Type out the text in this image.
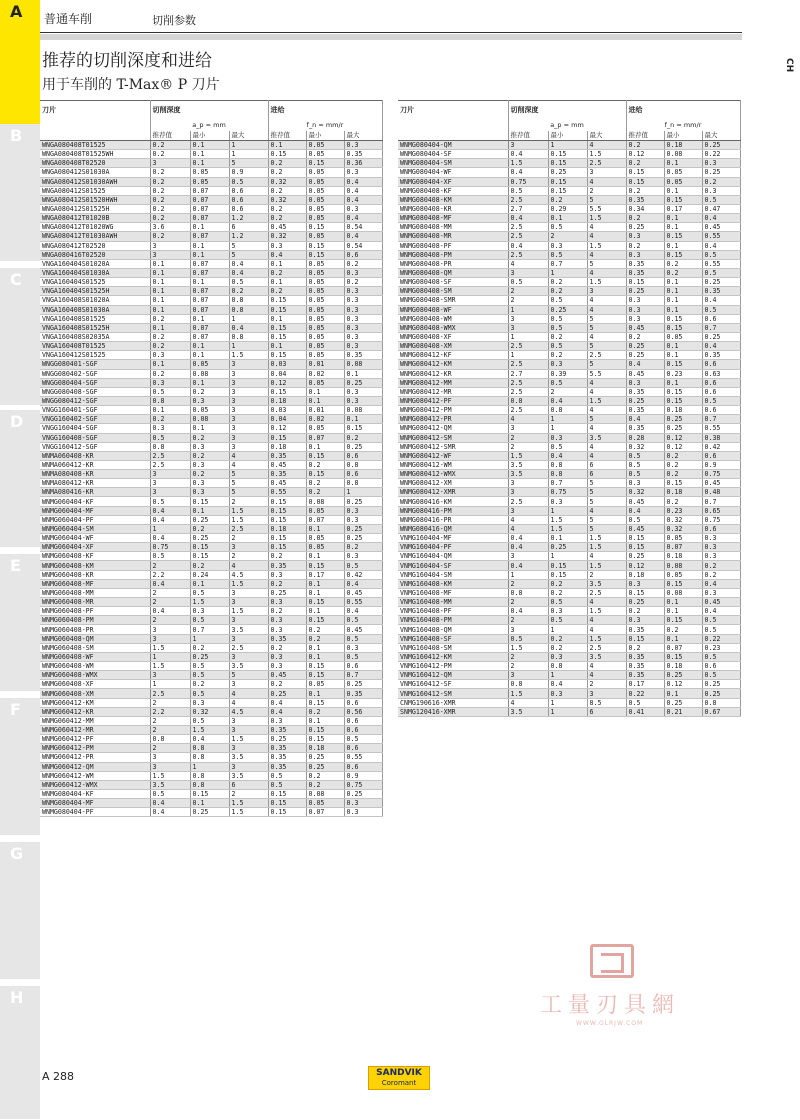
A
B
C
D
E
F
G
H
普通车削	切削参数
CH
推荐的切削深度和进给
用于车削的 T-Max® P 刀片
刀片	切削深度			进给		
	a_p = mm			f_n = mm/r		
	推荐值	最小	最大	推荐值	最小	最大
WNGA080408T01525	0.2	0.1	1	0.1	0.05	0.3
WNGA080408T01525WH	0.2	0.1	1	0.15	0.05	0.35
WNGA080408T02520	3	0.1	5	0.2	0.15	0.36
WNGA080412S01030A	0.2	0.05	0.9	0.2	0.05	0.3
WNGA080412S01030AWH	0.2	0.05	0.5	0.32	0.05	0.4
WNGA080412S01525	0.2	0.07	0.6	0.2	0.05	0.4
WNGA080412S01520HWH	0.2	0.07	0.6	0.32	0.05	0.4
WNGA080412S01525H	0.2	0.07	0.6	0.2	0.05	0.3
WNGA080412T01020B	0.2	0.07	1.2	0.2	0.05	0.4
WNGA080412T01020WG	3.6	0.1	6	0.45	0.15	0.54
WNGA080412T01030AWH	0.2	0.07	1.2	0.32	0.05	0.4
WNGA080412T02520	3	0.1	5	0.3	0.15	0.54
WNGA080416T02520	3	0.1	5	0.4	0.15	0.6
VNGA160404S01020A	0.1	0.07	0.4	0.1	0.05	0.2
VNGA160404S01030A	0.1	0.07	0.4	0.2	0.05	0.3
VNGA160404S01525	0.1	0.1	0.5	0.1	0.05	0.2
VNGA160404S01525H	0.1	0.07	0.2	0.2	0.05	0.3
VNGA160408S01020A	0.1	0.07	0.8	0.15	0.05	0.3
VNGA160408S01030A	0.1	0.07	0.8	0.15	0.05	0.3
VNGA160408S01525	0.2	0.1	1	0.1	0.05	0.3
VNGA160408S01525H	0.1	0.07	0.4	0.15	0.05	0.3
VNGA160408S02035A	0.2	0.07	0.8	0.15	0.05	0.3
VNGA160408T01525	0.2	0.1	1	0.1	0.05	0.3
VNGA160412S01525	0.3	0.1	1.5	0.15	0.05	0.35
WNGG080401-SGF	0.1	0.05	3	0.03	0.01	0.08
WNGG080402-SGF	0.2	0.08	3	0.04	0.02	0.1
WNGG080404-SGF	0.3	0.1	3	0.12	0.05	0.25
WNGG080408-SGF	0.5	0.2	3	0.15	0.1	0.3
WNGG080412-SGF	0.8	0.3	3	0.18	0.1	0.3
VNGG160401-SGF	0.1	0.05	3	0.03	0.01	0.08
VNGG160402-SGF	0.2	0.08	3	0.04	0.02	0.1
VNGG160404-SGF	0.3	0.1	3	0.12	0.05	0.15
VNGG160408-SGF	0.5	0.2	3	0.15	0.07	0.2
VNGG160412-SGF	0.8	0.3	3	0.18	0.1	0.25
WNMA060408-KR	2.5	0.2	4	0.35	0.15	0.6
WNMA060412-KR	2.5	0.3	4	0.45	0.2	0.8
WNMA080408-KR	3	0.2	5	0.35	0.15	0.6
WNMA080412-KR	3	0.3	5	0.45	0.2	0.8
WNMA080416-KR	3	0.3	5	0.55	0.2	1
WNMG060404-KF	0.5	0.15	2	0.15	0.08	0.25
WNMG060404-MF	0.4	0.1	1.5	0.15	0.05	0.3
WNMG060404-PF	0.4	0.25	1.5	0.15	0.07	0.3
WNMG060404-SM	1	0.2	2.5	0.18	0.1	0.25
WNMG060404-WF	0.4	0.25	2	0.15	0.05	0.25
WNMG060404-XF	0.75	0.15	3	0.15	0.05	0.2
WNMG060408-KF	0.5	0.15	2	0.2	0.1	0.3
WNMG060408-KM	2	0.2	4	0.35	0.15	0.5
WNMG060408-KR	2.2	0.24	4.5	0.3	0.17	0.42
WNMG060408-MF	0.4	0.1	1.5	0.2	0.1	0.4
WNMG060408-MM	2	0.5	3	0.25	0.1	0.45
WNMG060408-MR	2	1.5	3	0.3	0.15	0.55
WNMG060408-PF	0.4	0.3	1.5	0.2	0.1	0.4
WNMG060408-PM	2	0.5	3	0.3	0.15	0.5
WNMG060408-PR	3	0.7	3.5	0.3	0.2	0.45
WNMG060408-QM	3	1	3	0.35	0.2	0.5
WNMG060408-SM	1.5	0.2	2.5	0.2	0.1	0.3
WNMG060408-WF	1	0.25	3	0.3	0.1	0.5
WNMG060408-WM	1.5	0.5	3.5	0.3	0.15	0.6
WNMG060408-WMX	3	0.5	5	0.45	0.15	0.7
WNMG060408-XF	1	0.2	3	0.2	0.05	0.25
WNMG060408-XM	2.5	0.5	4	0.25	0.1	0.35
WNMG060412-KM	2	0.3	4	0.4	0.15	0.6
WNMG060412-KR	2.2	0.32	4.5	0.4	0.2	0.56
WNMG060412-MM	2	0.5	3	0.3	0.1	0.6
WNMG060412-MR	2	1.5	3	0.35	0.15	0.6
WNMG060412-PF	0.8	0.4	1.5	0.25	0.15	0.5
WNMG060412-PM	2	0.8	3	0.35	0.18	0.6
WNMG060412-PR	3	0.8	3.5	0.35	0.25	0.55
WNMG060412-QM	3	1	3	0.35	0.25	0.6
WNMG060412-WM	1.5	0.8	3.5	0.5	0.2	0.9
WNMG060412-WMX	3.5	0.8	6	0.5	0.2	0.75
WNMG080404-KF	0.5	0.15	2	0.15	0.08	0.25
WNMG080404-MF	0.4	0.1	1.5	0.15	0.05	0.3
WNMG080404-PF	0.4	0.25	1.5	0.15	0.07	0.3
刀片	切削深度			进给		
	a_p = mm			f_n = mm/r		
	推荐值	最小	最大	推荐值	最小	最大
WNMG080404-QM	3	1	4	0.2	0.18	0.25
WNMG080404-SF	0.4	0.15	1.5	0.12	0.08	0.22
WNMG080404-SM	1.5	0.15	2.5	0.2	0.1	0.3
WNMG080404-WF	0.4	0.25	3	0.15	0.05	0.25
WNMG080404-XF	0.75	0.15	4	0.15	0.05	0.2
WNMG080408-KF	0.5	0.15	2	0.2	0.1	0.3
WNMG080408-KM	2.5	0.2	5	0.35	0.15	0.5
WNMG080408-KR	2.7	0.29	5.5	0.34	0.17	0.47
WNMG080408-MF	0.4	0.1	1.5	0.2	0.1	0.4
WNMG080408-MM	2.5	0.5	4	0.25	0.1	0.45
WNMG080408-MR	2.5	2	4	0.3	0.15	0.55
WNMG080408-PF	0.4	0.3	1.5	0.2	0.1	0.4
WNMG080408-PM	2.5	0.5	4	0.3	0.15	0.5
WNMG080408-PR	4	0.7	5	0.35	0.2	0.55
WNMG080408-QM	3	1	4	0.35	0.2	0.5
WNMG080408-SF	0.5	0.2	1.5	0.15	0.1	0.25
WNMG080408-SM	2	0.2	3	0.25	0.1	0.35
WNMG080408-SMR	2	0.5	4	0.3	0.1	0.4
WNMG080408-WF	1	0.25	4	0.3	0.1	0.5
WNMG080408-WM	3	0.5	5	0.3	0.15	0.6
WNMG080408-WMX	3	0.5	5	0.45	0.15	0.7
WNMG080408-XF	1	0.2	4	0.2	0.05	0.25
WNMG080408-XM	2.5	0.5	5	0.25	0.1	0.4
WNMG080412-KF	1	0.2	2.5	0.25	0.1	0.35
WNMG080412-KM	2.5	0.3	5	0.4	0.15	0.6
WNMG080412-KR	2.7	0.39	5.5	0.45	0.23	0.63
WNMG080412-MM	2.5	0.5	4	0.3	0.1	0.6
WNMG080412-MR	2.5	2	4	0.35	0.15	0.6
WNMG080412-PF	0.8	0.4	1.5	0.25	0.15	0.5
WNMG080412-PM	2.5	0.8	4	0.35	0.18	0.6
WNMG080412-PR	4	1	5	0.4	0.25	0.7
WNMG080412-QM	3	1	4	0.35	0.25	0.55
WNMG080412-SM	2	0.3	3.5	0.28	0.12	0.38
WNMG080412-SMR	2	0.5	4	0.32	0.12	0.42
WNMG080412-WF	1.5	0.4	4	0.5	0.2	0.6
WNMG080412-WM	3.5	0.8	6	0.5	0.2	0.9
WNMG080412-WMX	3.5	0.8	6	0.5	0.2	0.75
WNMG080412-XM	3	0.7	5	0.3	0.15	0.45
WNMG080412-XMR	3	0.75	5	0.32	0.18	0.48
WNMG080416-KM	2.5	0.3	5	0.45	0.2	0.7
WNMG080416-PM	3	1	4	0.4	0.23	0.65
WNMG080416-PR	4	1.5	5	0.5	0.32	0.75
WNMG080416-QM	4	1.5	5	0.45	0.32	0.6
VNMG160404-MF	0.4	0.1	1.5	0.15	0.05	0.3
VNMG160404-PF	0.4	0.25	1.5	0.15	0.07	0.3
VNMG160404-QM	3	1	4	0.25	0.18	0.3
VNMG160404-SF	0.4	0.15	1.5	0.12	0.08	0.2
VNMG160404-SM	1	0.15	2	0.18	0.05	0.2
VNMG160408-KM	2	0.2	3.5	0.3	0.15	0.4
VNMG160408-MF	0.8	0.2	2.5	0.15	0.08	0.3
VNMG160408-MM	2	0.5	4	0.25	0.1	0.45
VNMG160408-PF	0.4	0.3	1.5	0.2	0.1	0.4
VNMG160408-PM	2	0.5	4	0.3	0.15	0.5
VNMG160408-QM	3	1	4	0.35	0.2	0.5
VNMG160408-SF	0.5	0.2	1.5	0.15	0.1	0.22
VNMG160408-SM	1.5	0.2	2.5	0.2	0.07	0.23
VNMG160412-KM	2	0.3	3.5	0.35	0.15	0.5
VNMG160412-PM	2	0.8	4	0.35	0.18	0.6
VNMG160412-QM	3	1	4	0.35	0.25	0.5
VNMG160412-SF	0.8	0.4	2	0.17	0.12	0.25
VNMG160412-SM	1.5	0.3	3	0.22	0.1	0.25
CNMG190616-XMR	4	1	8.5	0.5	0.25	0.8
SNMG120416-XMR	3.5	1	6	0.41	0.21	0.67
工量刃具網
WWW.GLRJW.COM
A 288	SANDVIK
Coromant
